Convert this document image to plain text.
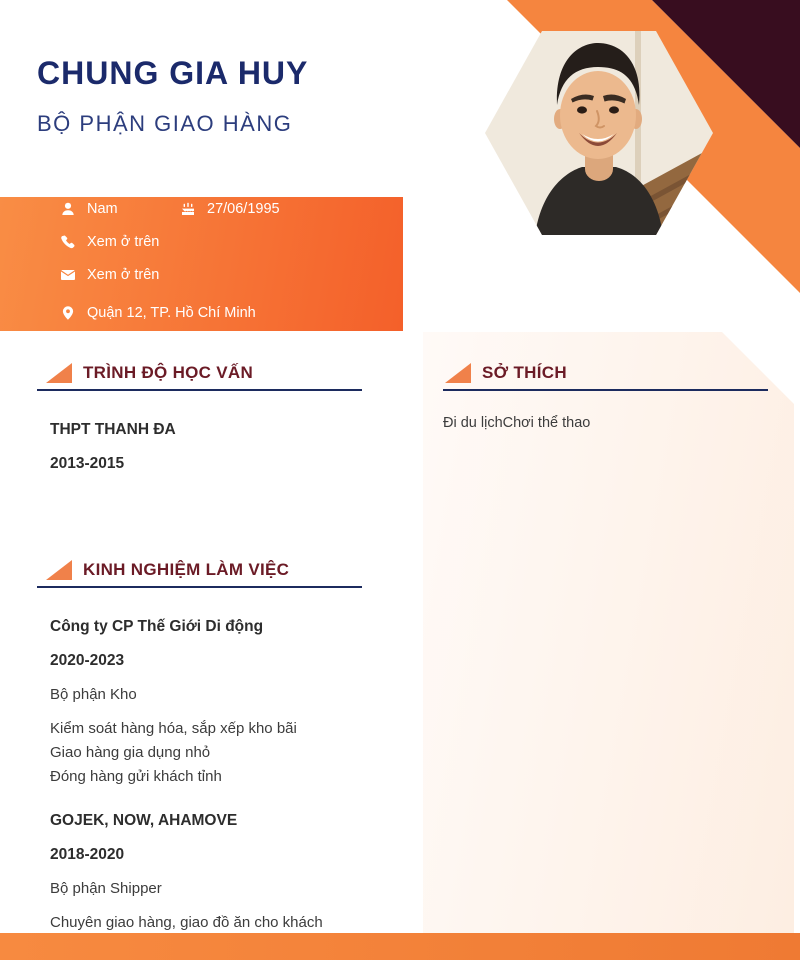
CHUNG GIA HUY
BỘ PHẬN GIAO HÀNG
Nam	27/06/1995
Xem ở trên
Xem ở trên
Quận 12, TP. Hồ Chí Minh
TRÌNH ĐỘ HỌC VẤN
THPT THANH ĐA
2013-2015
SỞ THÍCH
Đi du lịchChơi thể thao
KINH NGHIỆM LÀM VIỆC
Công ty CP Thế Giới Di động
2020-2023
Bộ phận Kho
Kiểm soát hàng hóa, sắp xếp kho bãi
Giao hàng gia dụng nhỏ
Đóng hàng gửi khách tỉnh
GOJEK, NOW, AHAMOVE
2018-2020
Bộ phận Shipper
Chuyên giao hàng, giao đồ ăn cho khách
